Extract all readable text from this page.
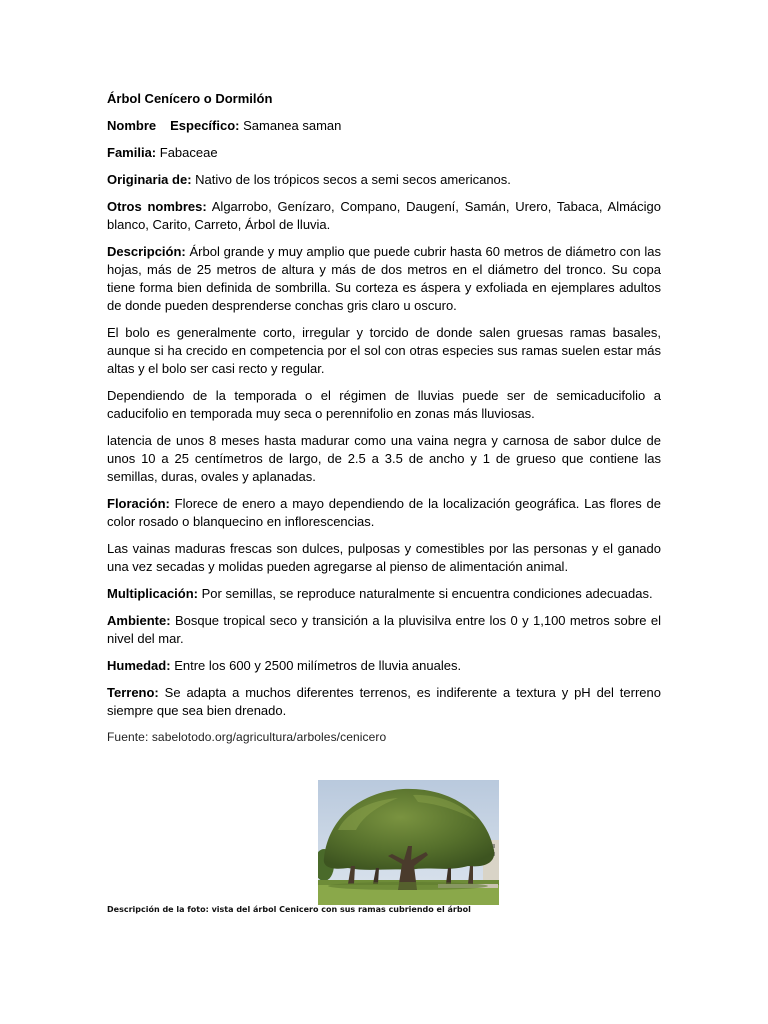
Árbol Cenícero o Dormilón

Nombre Específico: Samanea saman

Familia: Fabaceae

Originaria de: Nativo de los trópicos secos a semi secos americanos.

Otros nombres: Algarrobo, Genízaro, Compano, Daugení, Samán, Urero, Tabaca, Almácigo blanco, Carito, Carreto, Árbol de lluvia.

Descripción: Árbol grande y muy amplio que puede cubrir hasta 60 metros de diámetro con las hojas, más de 25 metros de altura y más de dos metros en el diámetro del tronco. Su copa tiene forma bien definida de sombrilla. Su corteza es áspera y exfoliada en ejemplares adultos de donde pueden desprenderse conchas gris claro u oscuro.

El bolo es generalmente corto, irregular y torcido de donde salen gruesas ramas basales, aunque si ha crecido en competencia por el sol con otras especies sus ramas suelen estar más altas y el bolo ser casi recto y regular.

Dependiendo de la temporada o el régimen de lluvias puede ser de semicaducifolio a caducifolio en temporada muy seca o perennifolio en zonas más lluviosas.

latencia de unos 8 meses hasta madurar como una vaina negra y carnosa de sabor dulce de unos 10 a 25 centímetros de largo, de 2.5 a 3.5 de ancho y 1 de grueso que contiene las semillas, duras, ovales y aplanadas.

Floración: Florece de enero a mayo dependiendo de la localización geográfica. Las flores de color rosado o blanquecino en inflorescencias.

Las vainas maduras frescas son dulces, pulposas y comestibles por las personas y el ganado una vez secadas y molidas pueden agregarse al pienso de alimentación animal.

Multiplicación: Por semillas, se reproduce naturalmente si encuentra condiciones adecuadas.

Ambiente: Bosque tropical seco y transición a la pluvisilva entre los 0 y 1,100 metros sobre el nivel del mar.

Humedad: Entre los 600 y 2500 milímetros de lluvia anuales.

Terreno: Se adapta a muchos diferentes terrenos, es indiferente a textura y pH del terreno siempre que sea bien drenado.

Fuente: sabelotodo.org/agricultura/arboles/cenicero

Descripción de la foto: vista del árbol Cenicero con sus ramas cubriendo el árbol
